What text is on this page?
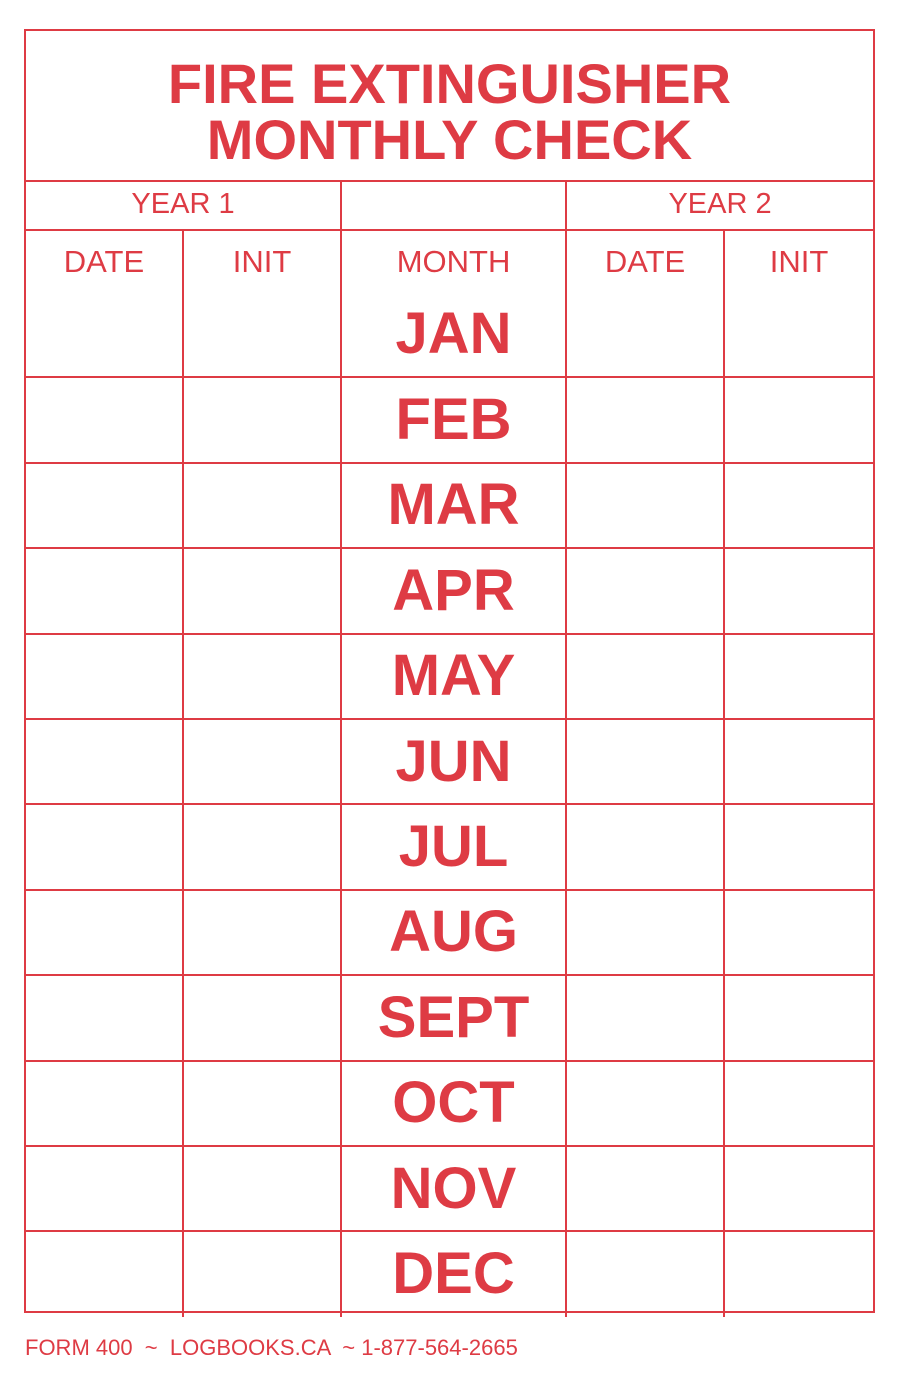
FIRE EXTINGUISHER
MONTHLY CHECK
YEAR 1			YEAR 2	
DATE	INIT	MONTH	DATE	INIT
		JAN		
		FEB		
		MAR		
		APR		
		MAY		
		JUN		
		JUL		
		AUG		
		SEPT		
		OCT		
		NOV		
		DEC		
FORM 400  ~  LOGBOOKS.CA  ~ 1-877-564-2665
